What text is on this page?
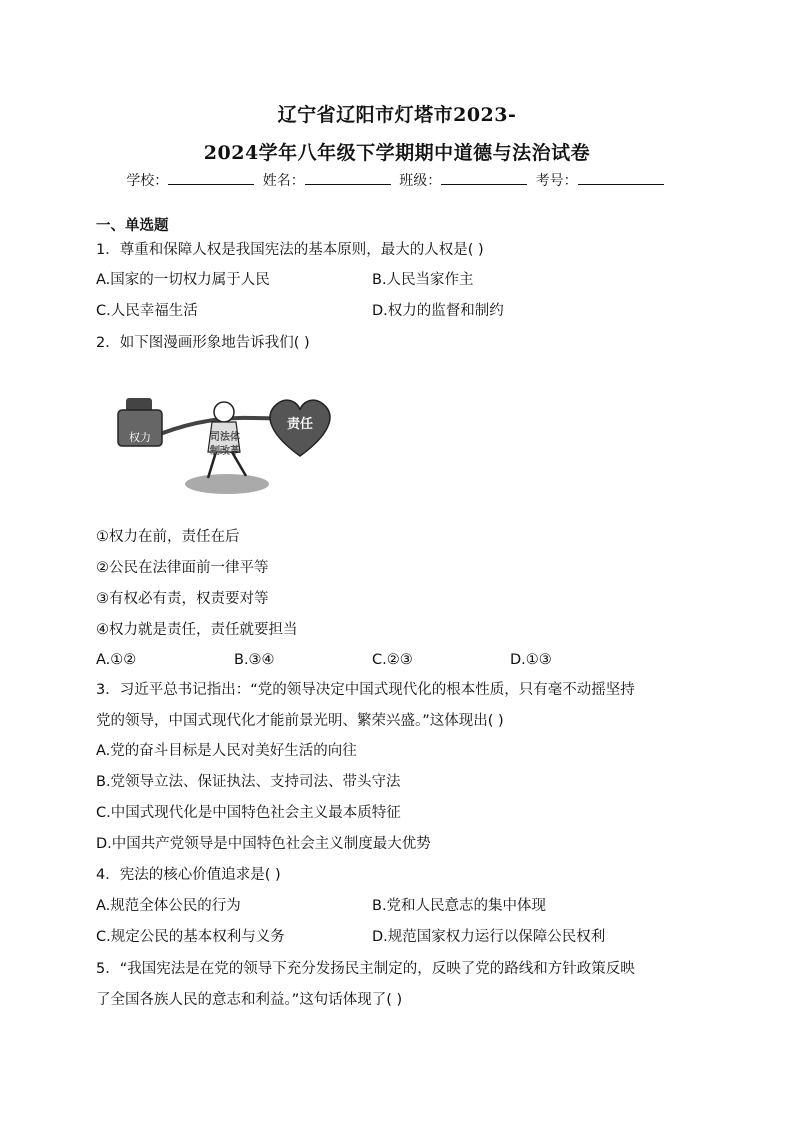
辽宁省辽阳市灯塔市2023-
2024学年八年级下学期期中道德与法治试卷
学校：	姓名：	班级：	考号：
一、单选题
1．尊重和保障人权是我国宪法的基本原则，最大的人权是( )
A.国家的一切权力属于人民	B.人民当家作主
C.人民幸福生活	D.权力的监督和制约
2．如下图漫画形象地告诉我们( )
权力	司法体
制改革
责任
①权力在前，责任在后
②公民在法律面前一律平等
③有权必有责，权责要对等
④权力就是责任，责任就要担当
A.①②	B.③④	C.②③	D.①③
3．习近平总书记指出：“党的领导决定中国式现代化的根本性质，只有毫不动摇坚持
党的领导，中国式现代化才能前景光明、繁荣兴盛。”这体现出( )
A.党的奋斗目标是人民对美好生活的向往
B.党领导立法、保证执法、支持司法、带头守法
C.中国式现代化是中国特色社会主义最本质特征
D.中国共产党领导是中国特色社会主义制度最大优势
4．宪法的核心价值追求是( )
A.规范全体公民的行为	B.党和人民意志的集中体现
C.规定公民的基本权利与义务	D.规范国家权力运行以保障公民权利
5．“我国宪法是在党的领导下充分发扬民主制定的，反映了党的路线和方针政策反映
了全国各族人民的意志和利益。”这句话体现了( )
